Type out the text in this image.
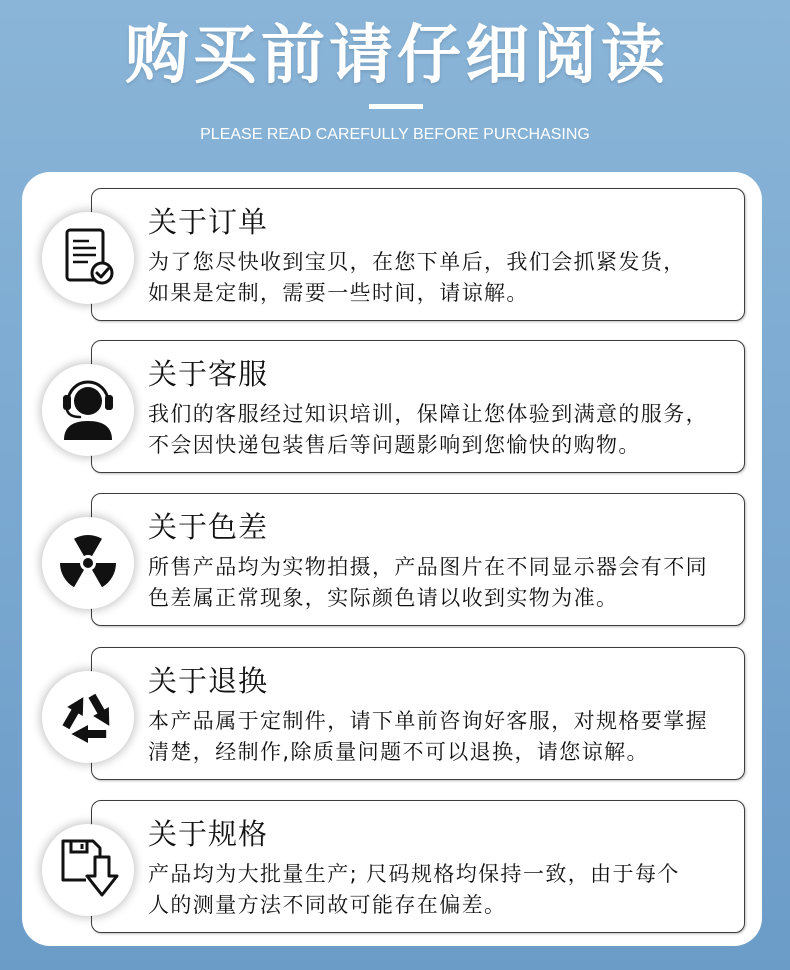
购买前请仔细阅读
PLEASE READ CAREFULLY BEFORE PURCHASING
关于订单
为了您尽快收到宝贝，在您下单后，我们会抓紧发货，
如果是定制，需要一些时间，请谅解。
关于客服
我们的客服经过知识培训，保障让您体验到满意的服务，
不会因快递包装售后等问题影响到您愉快的购物。
关于色差
所售产品均为实物拍摄，产品图片在不同显示器会有不同
色差属正常现象，实际颜色请以收到实物为准。
关于退换
本产品属于定制件，请下单前咨询好客服，对规格要掌握
清楚，经制作,除质量问题不可以退换，请您谅解。
关于规格
产品均为大批量生产; 尺码规格均保持一致，由于每个
人的测量方法不同故可能存在偏差。
